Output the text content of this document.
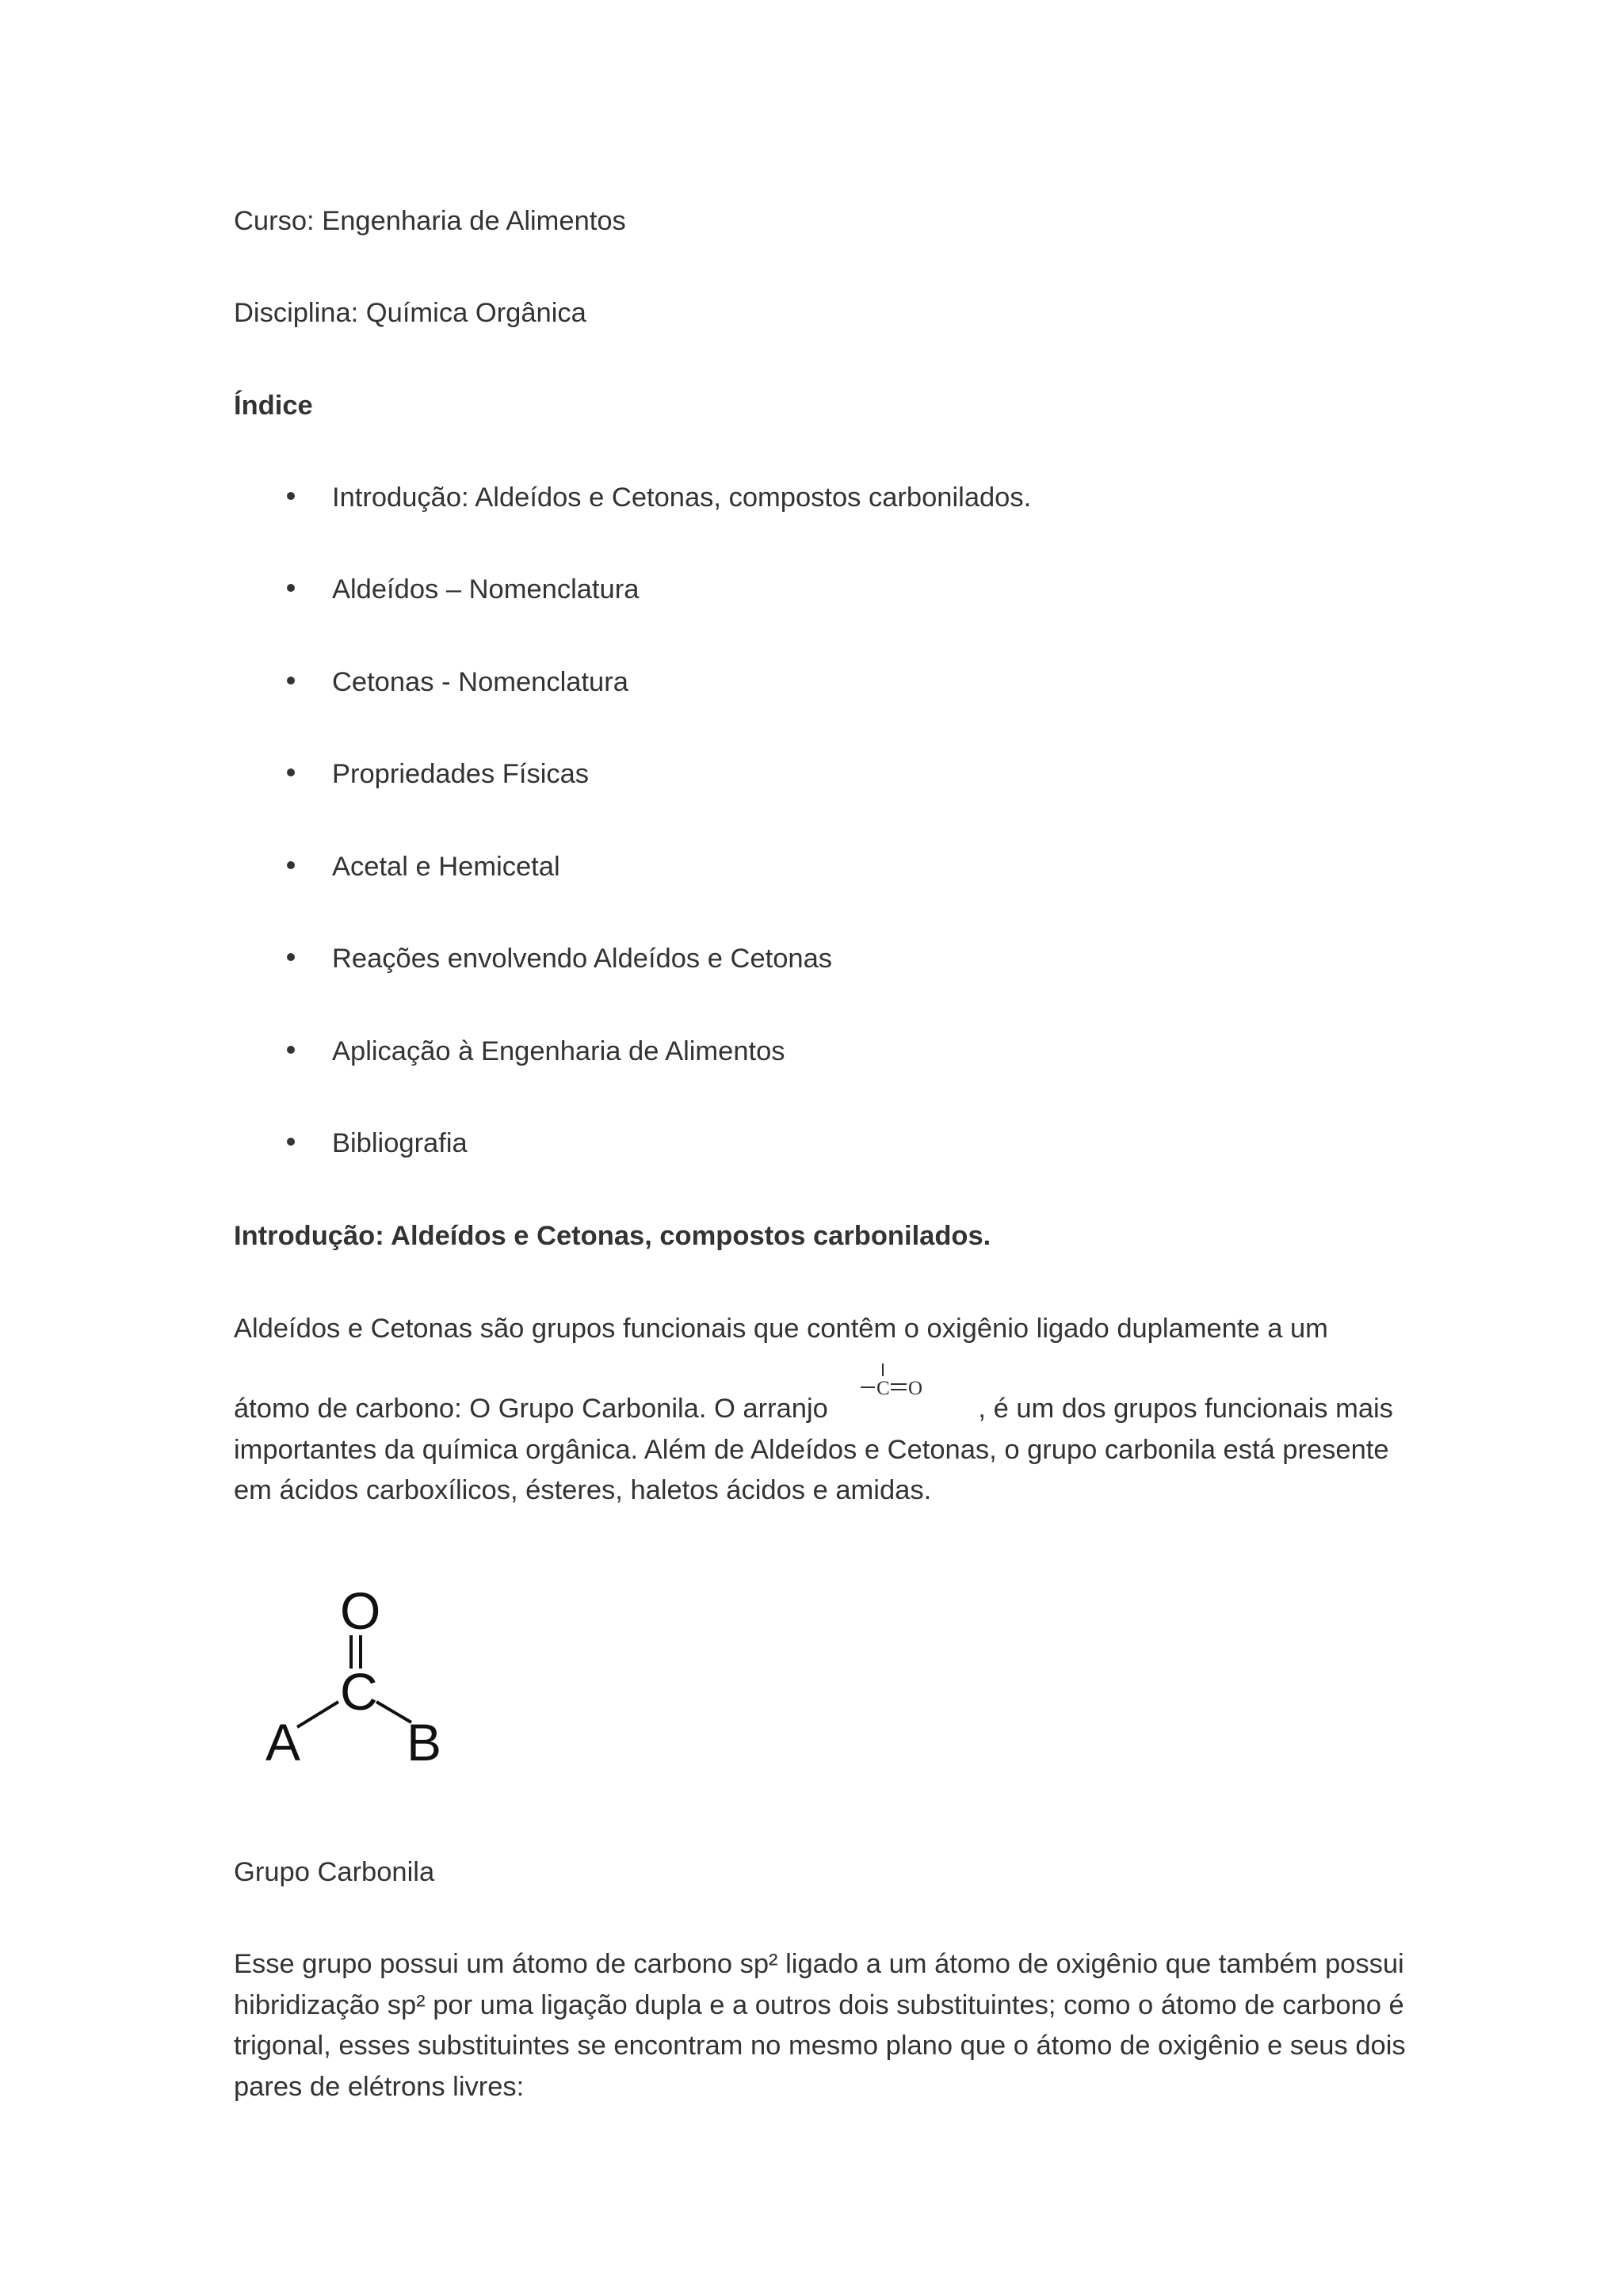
Curso: Engenharia de Alimentos
Disciplina: Química Orgânica
Índice
Introdução: Aldeídos e Cetonas, compostos carbonilados.
Aldeídos – Nomenclatura
Cetonas - Nomenclatura
Propriedades Físicas
Acetal e Hemicetal
Reações envolvendo Aldeídos e Cetonas
Aplicação à Engenharia de Alimentos
Bibliografia
Introdução: Aldeídos e Cetonas, compostos carbonilados.
Aldeídos e Cetonas são grupos funcionais que contêm o oxigênio ligado duplamente a um
átomo de carbono: O Grupo Carbonila. O arranjo
C O
, é um dos grupos funcionais mais importantes da química orgânica. Além de Aldeídos e Cetonas, o grupo carbonila está presente em ácidos carboxílicos, ésteres, haletos ácidos e amidas.
O
C
A B
Grupo Carbonila
Esse grupo possui um átomo de carbono sp² ligado a um átomo de oxigênio que também possui hibridização sp² por uma ligação dupla e a outros dois substituintes; como o átomo de carbono é trigonal, esses substituintes se encontram no mesmo plano que o átomo de oxigênio e seus dois pares de elétrons livres:
